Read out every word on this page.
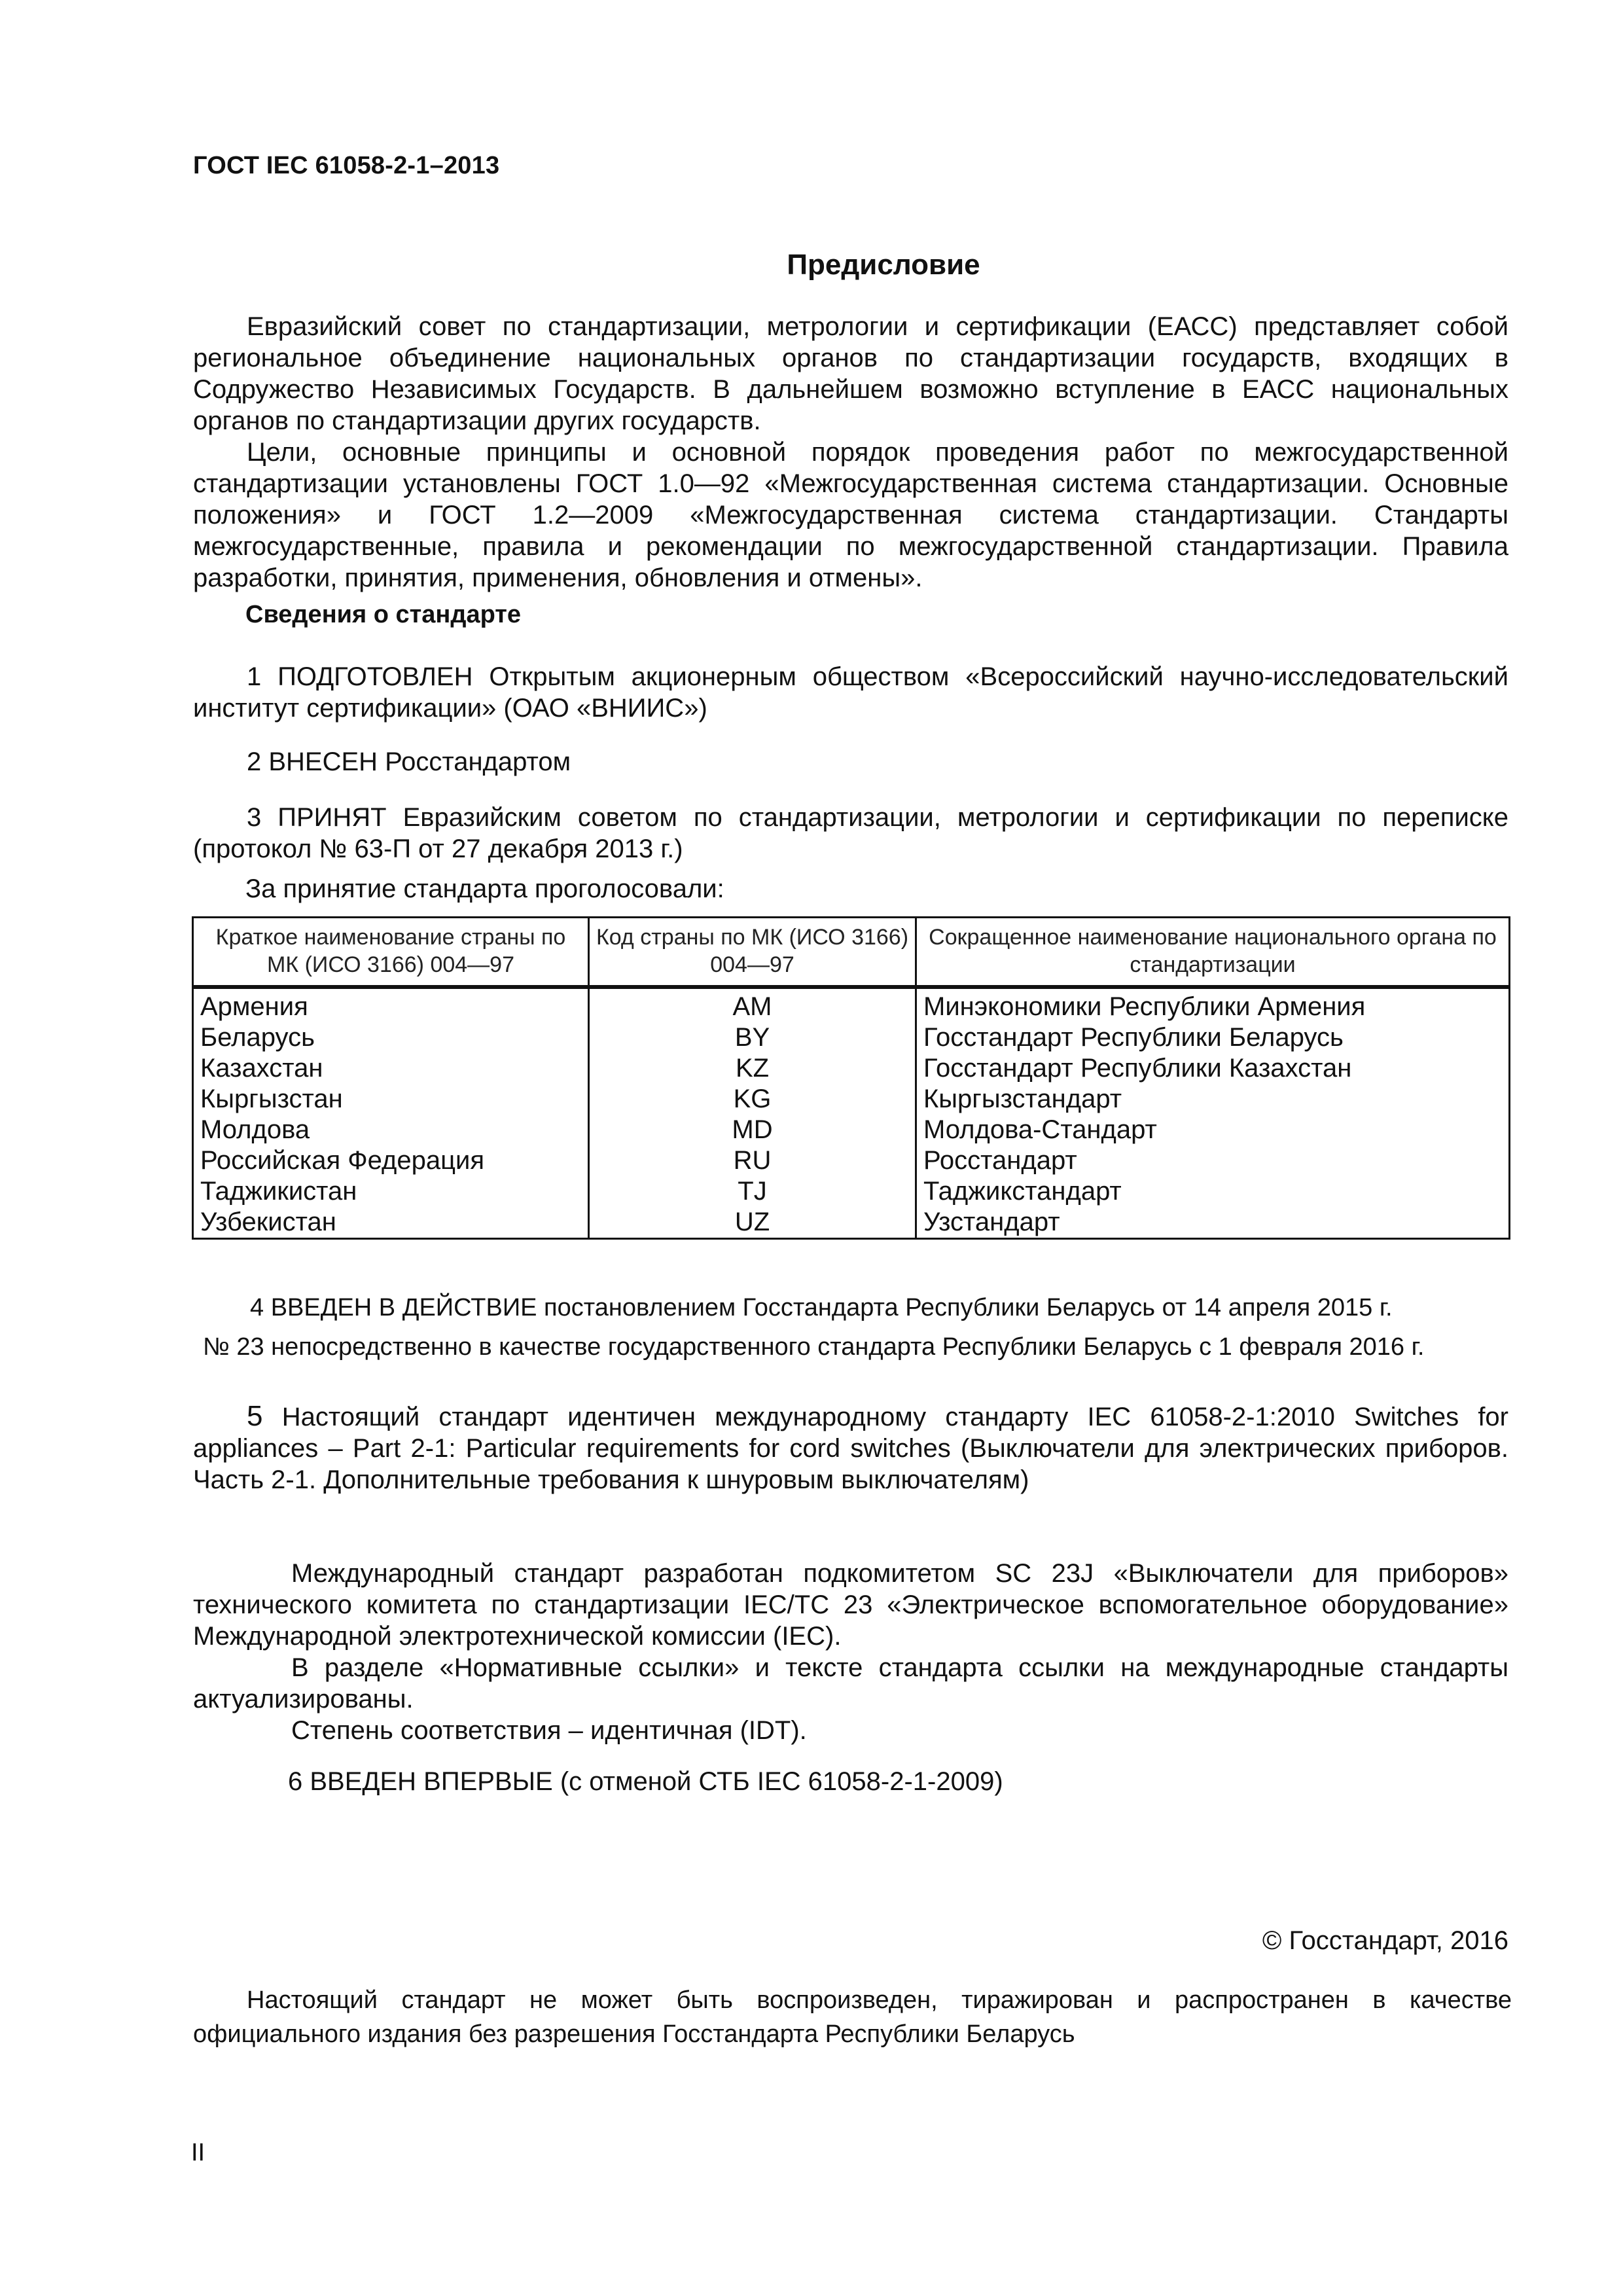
ГОСТ IEC 61058-2-1–2013
Предисловие

Евразийский совет по стандартизации, метрологии и сертификации (ЕАСС) представляет собой региональное объединение национальных органов по стандартизации государств, входящих в Содружество Независимых Государств. В дальнейшем возможно вступление в ЕАСС национальных органов по стандартизации других государств.

Цели, основные принципы и основной порядок проведения работ по межгосударственной стандартизации установлены ГОСТ 1.0—92 «Межгосударственная система стандартизации. Основные положения» и ГОСТ 1.2—2009 «Межгосударственная система стандартизации. Стандарты межгосударственные, правила и рекомендации по межгосударственной стандартизации. Правила разработки, принятия, применения, обновления и отмены».

Сведения о стандарте

1 ПОДГОТОВЛЕН Открытым акционерным обществом «Всероссийский научно-исследовательский институт сертификации» (ОАО «ВНИИС»)

2 ВНЕСЕН Росстандартом

3 ПРИНЯТ Евразийским советом по стандартизации, метрологии и сертификации по переписке (протокол № 63-П от 27 декабря 2013 г.)

За принятие стандарта проголосовали:
Краткое наименование страны по МК (ИСО 3166) 004—97	Код страны по МК (ИСО 3166) 004—97	Сокращенное наименование национального органа по стандартизации
Армения	AM	Минэкономики Республики Армения
Беларусь	BY	Госстандарт Республики Беларусь
Казахстан	KZ	Госстандарт Республики Казахстан
Кыргызстан	KG	Кыргызстандарт
Молдова	MD	Молдова-Стандарт
Российская Федерация	RU	Росстандарт
Таджикистан	TJ	Таджикстандарт
Узбекистан	UZ	Узстандарт
4 ВВЕДЕН В ДЕЙСТВИЕ постановлением Госстандарта Республики Беларусь от 14 апреля 2015 г.
№ 23 непосредственно в качестве государственного стандарта Республики Беларусь с 1 февраля 2016 г.

5 Настоящий стандарт идентичен международному стандарту IEC 61058-2-1:2010 Switches for appliances – Part 2-1: Particular requirements for cord switches (Выключатели для электрических приборов. Часть 2-1. Дополнительные требования к шнуровым выключателям)

Международный стандарт разработан подкомитетом SC 23J «Выключатели для приборов» технического комитета по стандартизации IEC/TC 23 «Электрическое вспомогательное оборудование» Международной электротехнической комиссии (IEC).

В разделе «Нормативные ссылки» и тексте стандарта ссылки на международные стандарты актуализированы.

Степень соответствия – идентичная (IDT).

6 ВВЕДЕН ВПЕРВЫЕ (с отменой СТБ IEC 61058-2-1-2009)
© Госстандарт, 2016

Настоящий стандарт не может быть воспроизведен, тиражирован и распространен в качестве официального издания без разрешения Госстандарта Республики Беларусь

II
